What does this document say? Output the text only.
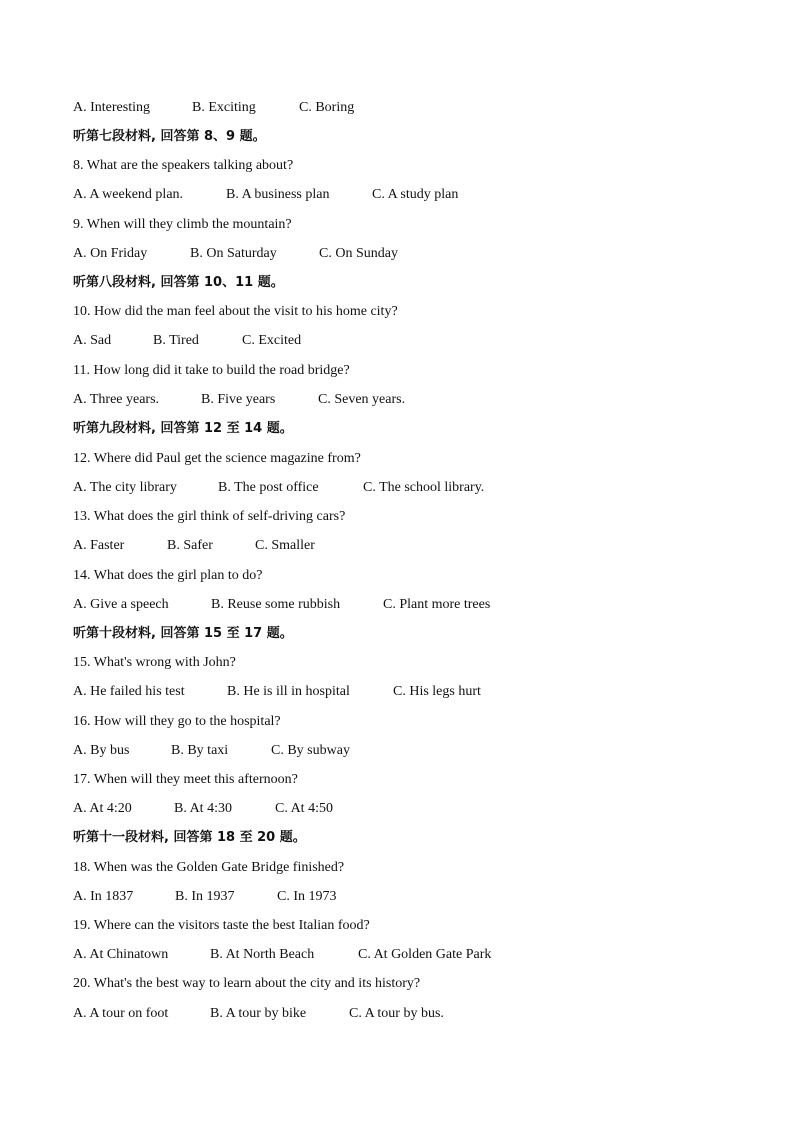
A. Interesting	B. Exciting	C. Boring
听第七段材料, 回答第 8、9 题。
8. What are the speakers talking about?
A. A weekend plan.	B. A business plan	C. A study plan
9. When will they climb the mountain?
A. On Friday	B. On Saturday	C. On Sunday
听第八段材料, 回答第 10、11 题。
10. How did the man feel about the visit to his home city?
A. Sad	B. Tired	C. Excited
11. How long did it take to build the road bridge?
A. Three years.	B. Five years	C. Seven years.
听第九段材料, 回答第 12 至 14 题。
12. Where did Paul get the science magazine from?
A. The city library	B. The post office	C. The school library.
13. What does the girl think of self-driving cars?
A. Faster	B. Safer	C. Smaller
14. What does the girl plan to do?
A. Give a speech	B. Reuse some rubbish	C. Plant more trees
听第十段材料, 回答第 15 至 17 题。
15. What's wrong with John?
A. He failed his test	B. He is ill in hospital	C. His legs hurt
16. How will they go to the hospital?
A. By bus	B. By taxi	C. By subway
17. When will they meet this afternoon?
A. At 4:20	B. At 4:30	C. At 4:50
听第十一段材料, 回答第 18 至 20 题。
18. When was the Golden Gate Bridge finished?
A. In 1837	B. In 1937	C. In 1973
19. Where can the visitors taste the best Italian food?
A. At Chinatown	B. At North Beach	C. At Golden Gate Park
20. What's the best way to learn about the city and its history?
A. A tour on foot	B. A tour by bike	C. A tour by bus.
